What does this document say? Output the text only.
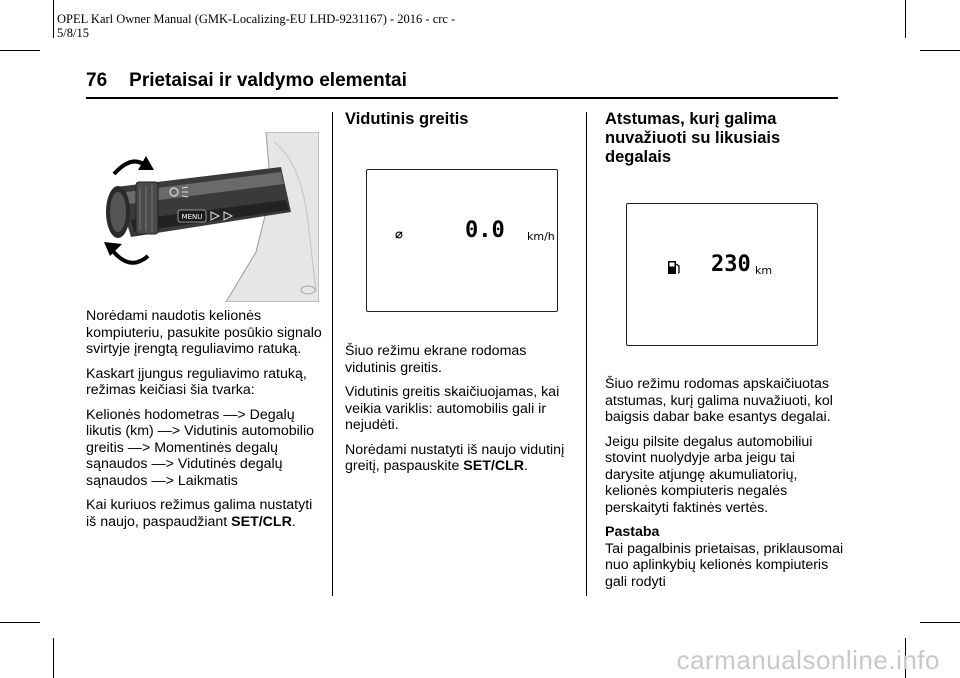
OPEL Karl Owner Manual (GMK-Localizing-EU LHD-9231167) - 2016 - crc -
5/8/15
76 Prietaisai ir valdymo elementai
MENU

Norėdami naudotis kelionės kompiuteriu, pasukite posūkio signalo svirtyje įrengtą reguliavimo ratuką.

Kaskart įjungus reguliavimo ratuką, režimas keičiasi šia tvarka:

Kelionės hodometras —> Degalų likutis (km) —> Vidutinis automobilio greitis —> Momentinės degalų sąnaudos —> Vidutinės degalų sąnaudos —> Laikmatis

Kai kuriuos režimus galima nustatyti iš naujo, paspaudžiant SET/CLR.

Vidutinis greitis
⌀	0.0 km/h

Šiuo režimu ekrane rodomas vidutinis greitis.

Vidutinis greitis skaičiuojamas, kai veikia variklis: automobilis gali ir nejudėti.

Norėdami nustatyti iš naujo vidutinį greitį, paspauskite SET/CLR.

Atstumas, kurį galima
nuvažiuoti su likusiais
degalais
230 km

Šiuo režimu rodomas apskaičiuotas atstumas, kurį galima nuvažiuoti, kol baigsis dabar bake esantys degalai.

Jeigu pilsite degalus automobiliui stovint nuolydyje arba jeigu tai darysite atjungę akumuliatorių, kelionės kompiuteris negalės perskaityti faktinės vertės.

Pastaba

Tai pagalbinis prietaisas, priklausomai nuo aplinkybių kelionės kompiuteris gali rodyti

carmanualsonline.info
